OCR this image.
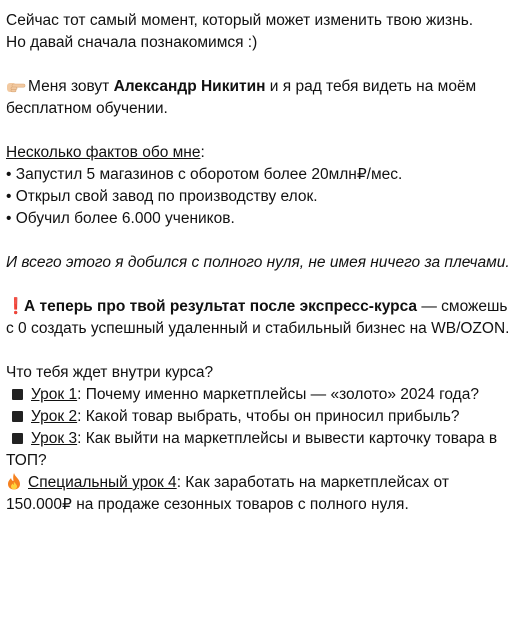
Сейчас тот самый момент, который может изменить твою жизнь.
Но давай сначала познакомимся :)
Меня зовут Александр Никитин и я рад тебя видеть на моём бесплатном обучении.
Несколько фактов обо мне:
• Запустил 5 магазинов с оборотом более 20млн₽/мес.
• Открыл свой завод по производству елок.
• Обучил более 6.000 учеников.
И всего этого я добился с полного нуля, не имея ничего за плечами.
❗А теперь про твой результат после экспресс-курса — сможешь с 0 создать успешный удаленный и стабильный бизнес на WB/OZON.
Что тебя ждет внутри курса?
Урок 1: Почему именно маркетплейсы — «золото» 2024 года?
Урок 2: Какой товар выбрать, чтобы он приносил прибыль?
Урок 3: Как выйти на маркетплейсы и вывести карточку товара в ТОП?
Специальный урок 4: Как заработать на маркетплейсах от 150.000₽ на продаже сезонных товаров с полного нуля.
